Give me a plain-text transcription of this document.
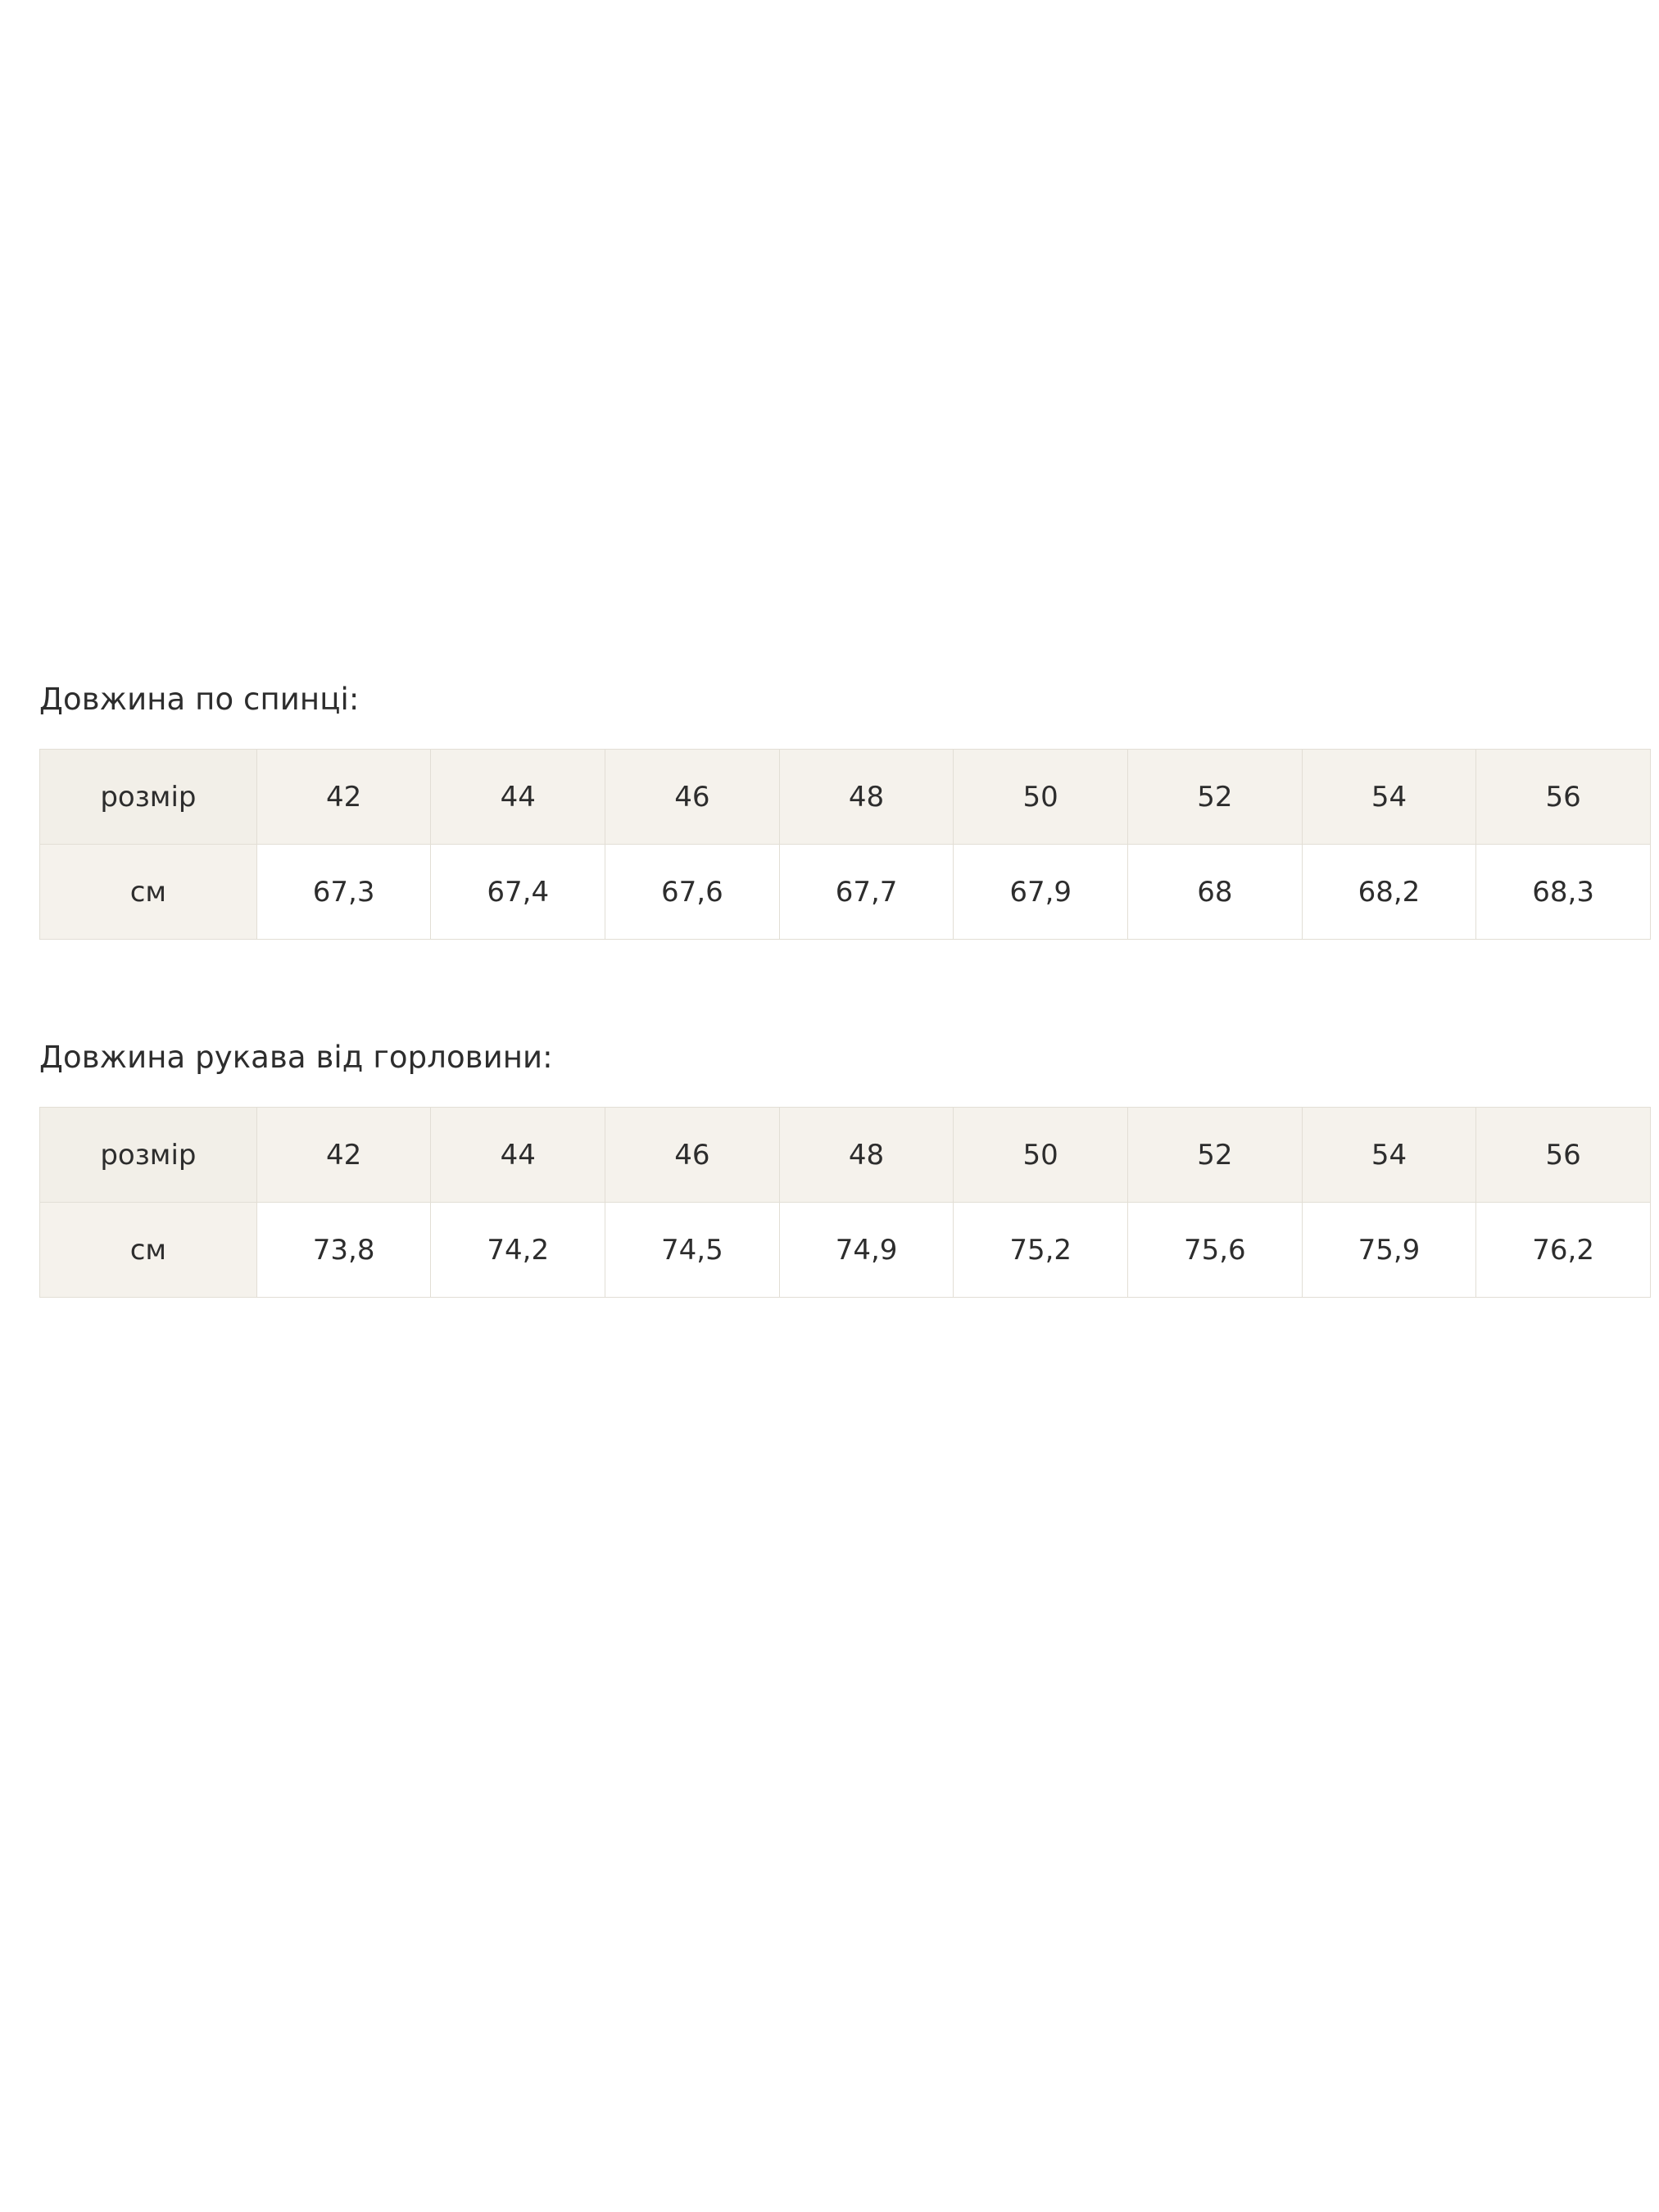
Довжина по спинці:

розмір	42	44	46	48	50	52	54	56
см	67,3	67,4	67,6	67,7	67,9	68	68,2	68,3

Довжина рукава від горловини:

розмір	42	44	46	48	50	52	54	56
см	73,8	74,2	74,5	74,9	75,2	75,6	75,9	76,2
